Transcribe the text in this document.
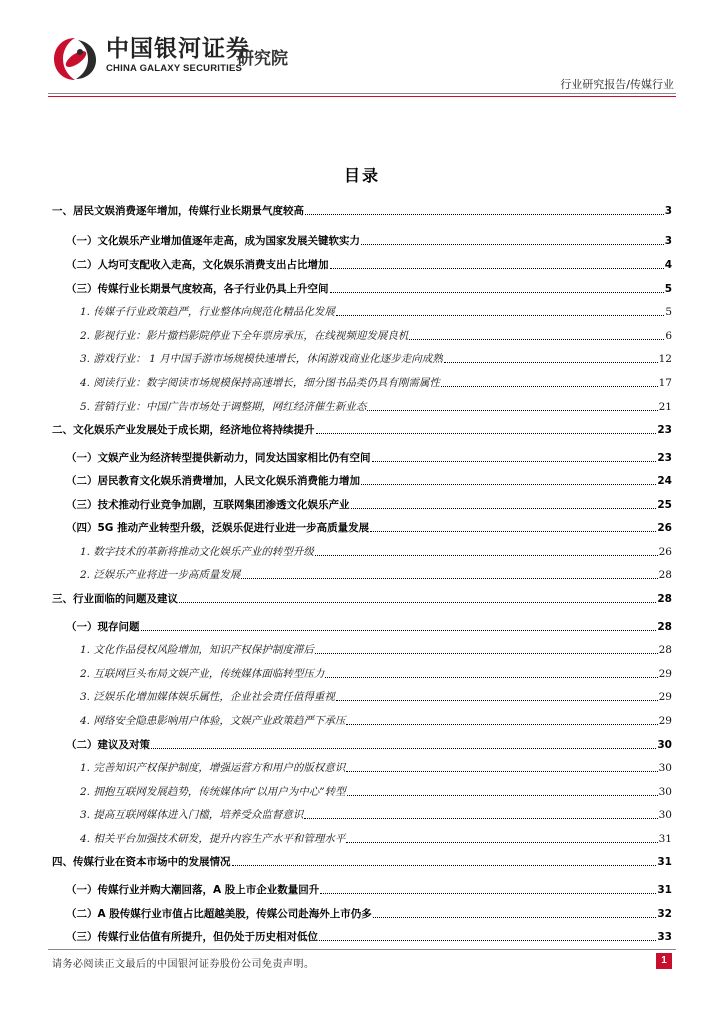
中国银河证券
CHINA GALAXY SECURITIES
研究院
行业研究报告/传媒行业
目录
一、居民文娱消费逐年增加，传媒行业长期景气度较高	3
（一）文化娱乐产业增加值逐年走高，成为国家发展关键软实力	3
（二）人均可支配收入走高，文化娱乐消费支出占比增加	4
（三）传媒行业长期景气度较高，各子行业仍具上升空间	5
1. 传媒子行业政策趋严，行业整体向规范化精品化发展	5
2. 影视行业：影片撤档影院停业下全年票房承压，在线视频迎发展良机	6
3. 游戏行业： 1 月中国手游市场规模快速增长，休闲游戏商业化逐步走向成熟	12
4. 阅读行业：数字阅读市场规模保持高速增长，细分图书品类仍具有刚需属性	17
5. 营销行业：中国广告市场处于调整期，网红经济催生新业态	21
二、文化娱乐产业发展处于成长期，经济地位将持续提升	23
（一）文娱产业为经济转型提供新动力，同发达国家相比仍有空间	23
（二）居民教育文化娱乐消费增加，人民文化娱乐消费能力增加	24
（三）技术推动行业竞争加剧，互联网集团渗透文化娱乐产业	25
（四）5G 推动产业转型升级，泛娱乐促进行业进一步高质量发展	26
1. 数字技术的革新将推动文化娱乐产业的转型升级	26
2. 泛娱乐产业将进一步高质量发展	28
三、行业面临的问题及建议	28
（一）现存问题	28
1. 文化作品侵权风险增加，知识产权保护制度滞后	28
2. 互联网巨头布局文娱产业，传统媒体面临转型压力	29
3. 泛娱乐化增加媒体娱乐属性，企业社会责任值得重视	29
4. 网络安全隐患影响用户体验，文娱产业政策趋严下承压	29
（二）建议及对策	30
1. 完善知识产权保护制度，增强运营方和用户的版权意识	30
2. 拥抱互联网发展趋势，传统媒体向“以用户为中心”转型	30
3. 提高互联网媒体进入门槛，培养受众监督意识	30
4. 相关平台加强技术研发，提升内容生产水平和管理水平	31
四、传媒行业在资本市场中的发展情况	31
（一）传媒行业并购大潮回落，A 股上市企业数量回升	31
（二）A 股传媒行业市值占比超越美股，传媒公司赴海外上市仍多	32
（三）传媒行业估值有所提升，但仍处于历史相对低位	33
请务必阅读正文最后的中国银河证券股份公司免责声明。	1
